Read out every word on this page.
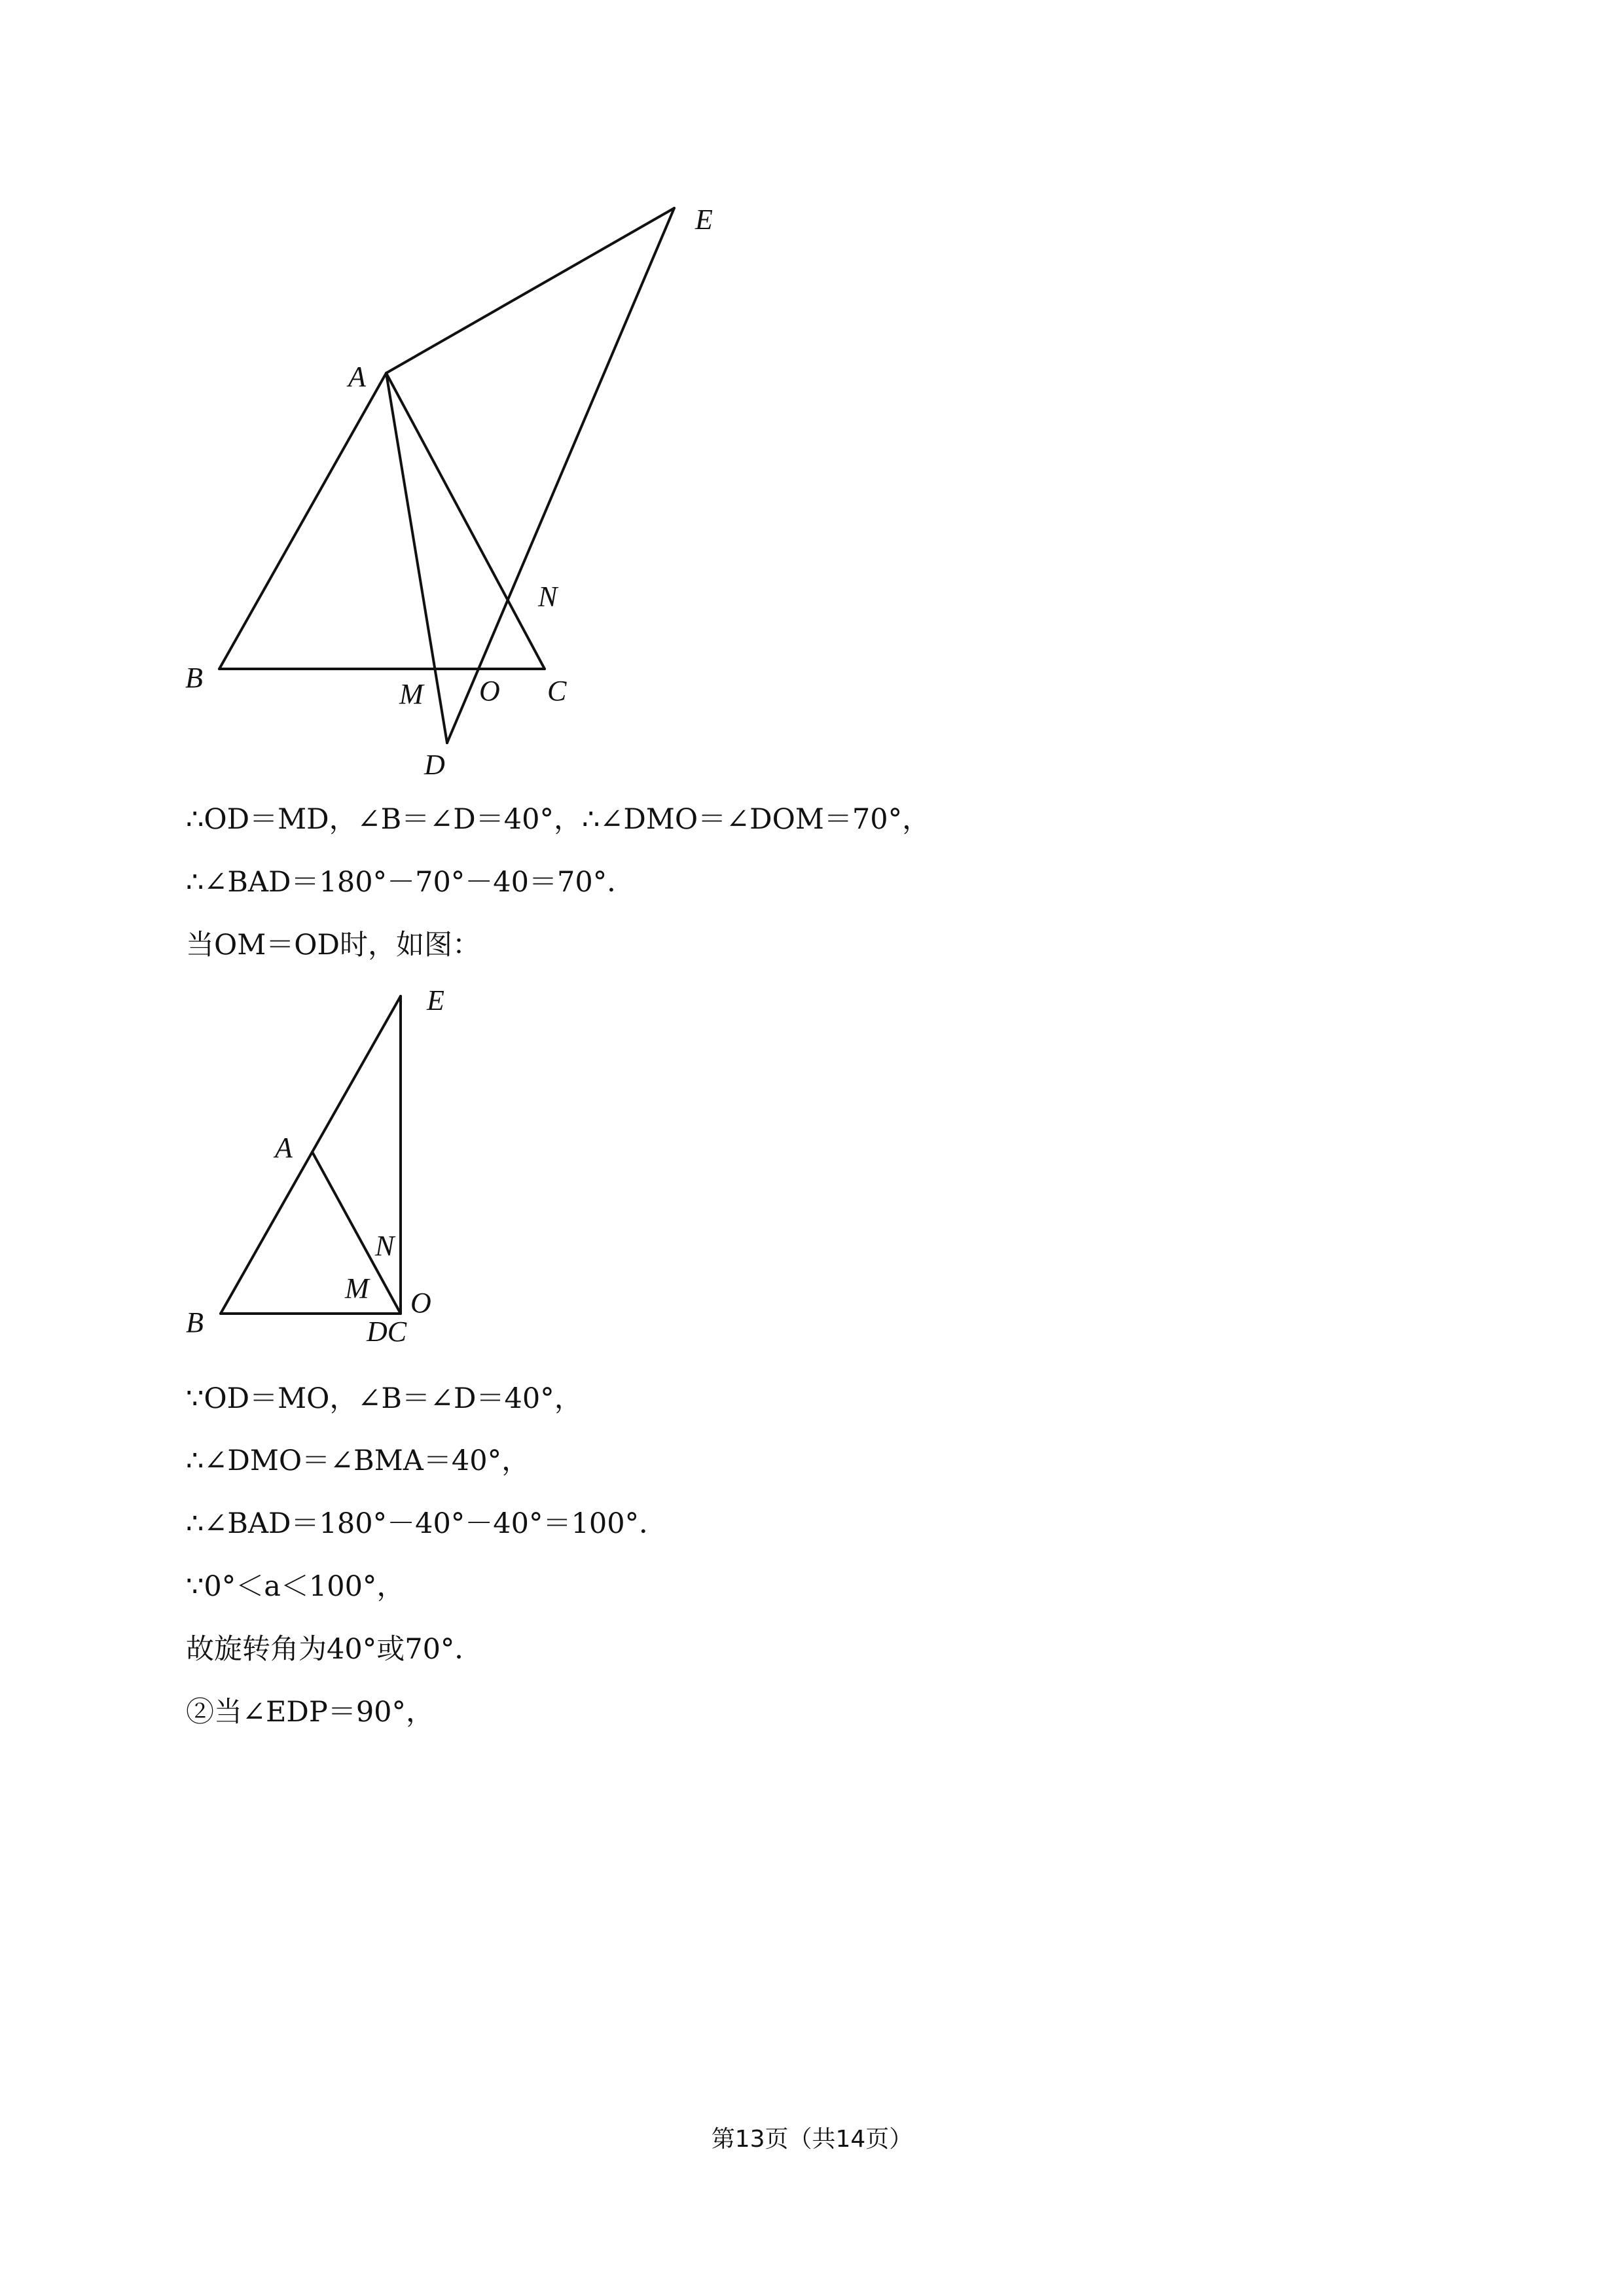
E
A
N
B
M O C
D

∴OD＝MD，∠B＝∠D＝40°，∴∠DMO＝∠DOM＝70°，

∴∠BAD＝180°－70°－40＝70°．

当OM＝OD时，如图：

E
A
N
M O
B	DC

∵OD＝MO，∠B＝∠D＝40°，

∴∠DMO＝∠BMA＝40°，

∴∠BAD＝180°－40°－40°＝100°．

∵0°＜a＜100°，

故旋转角为40°或70°．

②当∠EDP＝90°，

第13页（共14页）
